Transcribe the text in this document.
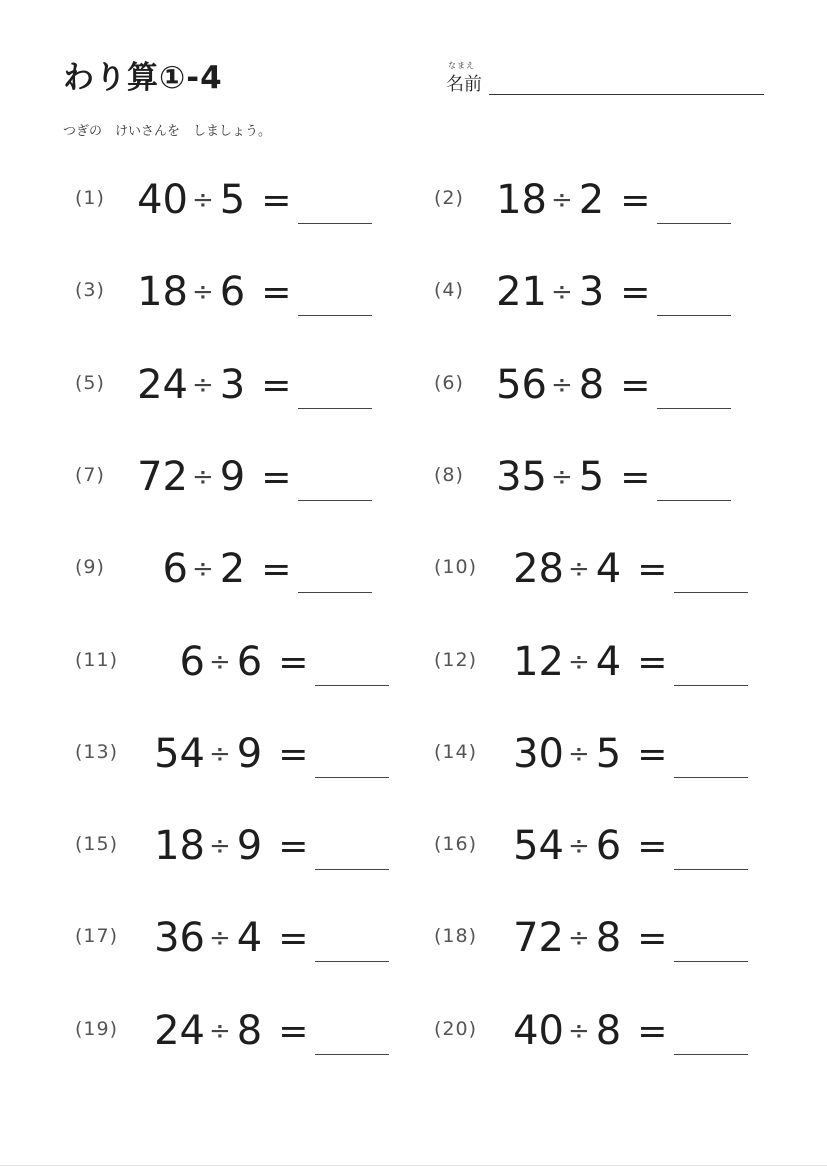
わり算①-4	なまえ
名前
つぎの　けいさんを　しましょう。
(1) 40 ÷ 5 =	(2) 18 ÷ 2 =
(3) 18 ÷ 6 =	(4) 21 ÷ 3 =
(5) 24 ÷ 3 =	(6) 56 ÷ 8 =
(7) 72 ÷ 9 =	(8) 35 ÷ 5 =
(9)	6 ÷ 2 =	(10) 28 ÷ 4 =
(11)	6 ÷ 6 =	(12) 12 ÷ 4 =
(13) 54 ÷ 9 =	(14) 30 ÷ 5 =
(15) 18 ÷ 9 =	(16) 54 ÷ 6 =
(17) 36 ÷ 4 =	(18) 72 ÷ 8 =
(19) 24 ÷ 8 =	(20) 40 ÷ 8 =
